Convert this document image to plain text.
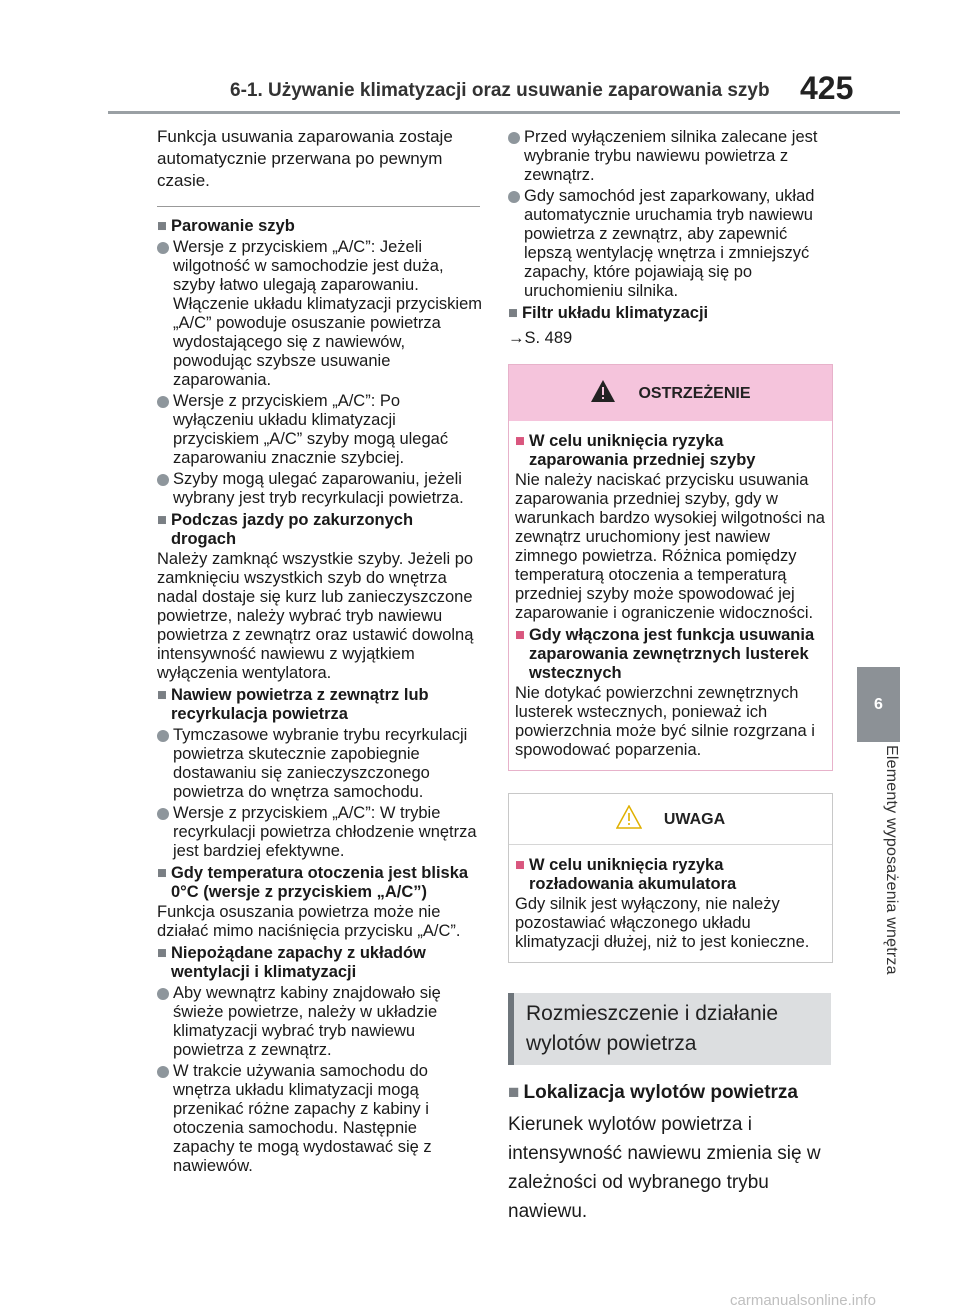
6-1. Używanie klimatyzacji oraz usuwanie zaparowania szyb 425
6
Elementy wyposażenia wnętrza

Funkcja usuwania zaparowania zostaje automatycznie przerwana po pewnym czasie.

■ Parowanie szyb
Wersje z przyciskiem „A/C”: Jeżeli wilgotność w samochodzie jest duża, szyby łatwo ulegają zaparowaniu. Włączenie układu klimatyzacji przyciskiem „A/C” powoduje osuszanie powietrza wydostającego się z nawiewów, powodując szybsze usuwanie zaparowania.
Wersje z przyciskiem „A/C”: Po wyłączeniu układu klimatyzacji przyciskiem „A/C” szyby mogą ulegać zaparowaniu znacznie szybciej.
Szyby mogą ulegać zaparowaniu, jeżeli wybrany jest tryb recyrkulacji powietrza.
■ Podczas jazdy po zakurzonych drogach

Należy zamknąć wszystkie szyby. Jeżeli po zamknięciu wszystkich szyb do wnętrza nadal dostaje się kurz lub zanieczyszczone powietrze, należy wybrać tryb nawiewu powietrza z zewnątrz oraz ustawić dowolną intensywność nawiewu z wyjątkiem wyłączenia wentylatora.

■ Nawiew powietrza z zewnątrz lub recyrkulacja powietrza
Tymczasowe wybranie trybu recyrkulacji powietrza skutecznie zapobiegnie dostawaniu się zanieczyszczonego powietrza do wnętrza samochodu.
Wersje z przyciskiem „A/C”: W trybie recyrkulacji powietrza chłodzenie wnętrza jest bardziej efektywne.
■ Gdy temperatura otoczenia jest bliska 0°C (wersje z przyciskiem „A/C”)

Funkcja osuszania powietrza może nie działać mimo naciśnięcia przycisku „A/C”.

■ Niepożądane zapachy z układów wentylacji i klimatyzacji
Aby wewnątrz kabiny znajdowało się świeże powietrze, należy w układzie klimatyzacji wybrać tryb nawiewu powietrza z zewnątrz.
W trakcie używania samochodu do wnętrza układu klimatyzacji mogą przenikać różne zapachy z kabiny i otoczenia samochodu. Następnie zapachy te mogą wydostawać się z nawiewów.
Przed wyłączeniem silnika zalecane jest wybranie trybu nawiewu powietrza z zewnątrz.
Gdy samochód jest zaparkowany, układ automatycznie uruchamia tryb nawiewu powietrza z zewnątrz, aby zapewnić lepszą wentylację wnętrza i zmniejszyć zapachy, które pojawiają się po uruchomieniu silnika.
■ Filtr układu klimatyzacji

→S. 489

OSTRZEŻENIE
■ W celu uniknięcia ryzyka zaparowania przedniej szyby

Nie należy naciskać przycisku usuwania zaparowania przedniej szyby, gdy w warunkach bardzo wysokiej wilgotności na zewnątrz uruchomiony jest nawiew zimnego powietrza. Różnica pomiędzy temperaturą otoczenia a temperaturą przedniej szyby może spowodować jej zaparowanie i ograniczenie widoczności.

■ Gdy włączona jest funkcja usuwania zaparowania zewnętrznych lusterek wstecznych

Nie dotykać powierzchni zewnętrznych lusterek wstecznych, ponieważ ich powierzchnia może być silnie rozgrzana i spowodować poparzenia.

UWAGA
■ W celu uniknięcia ryzyka rozładowania akumulatora

Gdy silnik jest wyłączony, nie należy pozostawiać włączonego układu klimatyzacji dłużej, niż to jest konieczne.

Rozmieszczenie i działanie wylotów powietrza
■ Lokalizacja wylotów powietrza

Kierunek wylotów powietrza i intensywność nawiewu zmienia się w zależności od wybranego trybu nawiewu.

carmanualsonline.info
